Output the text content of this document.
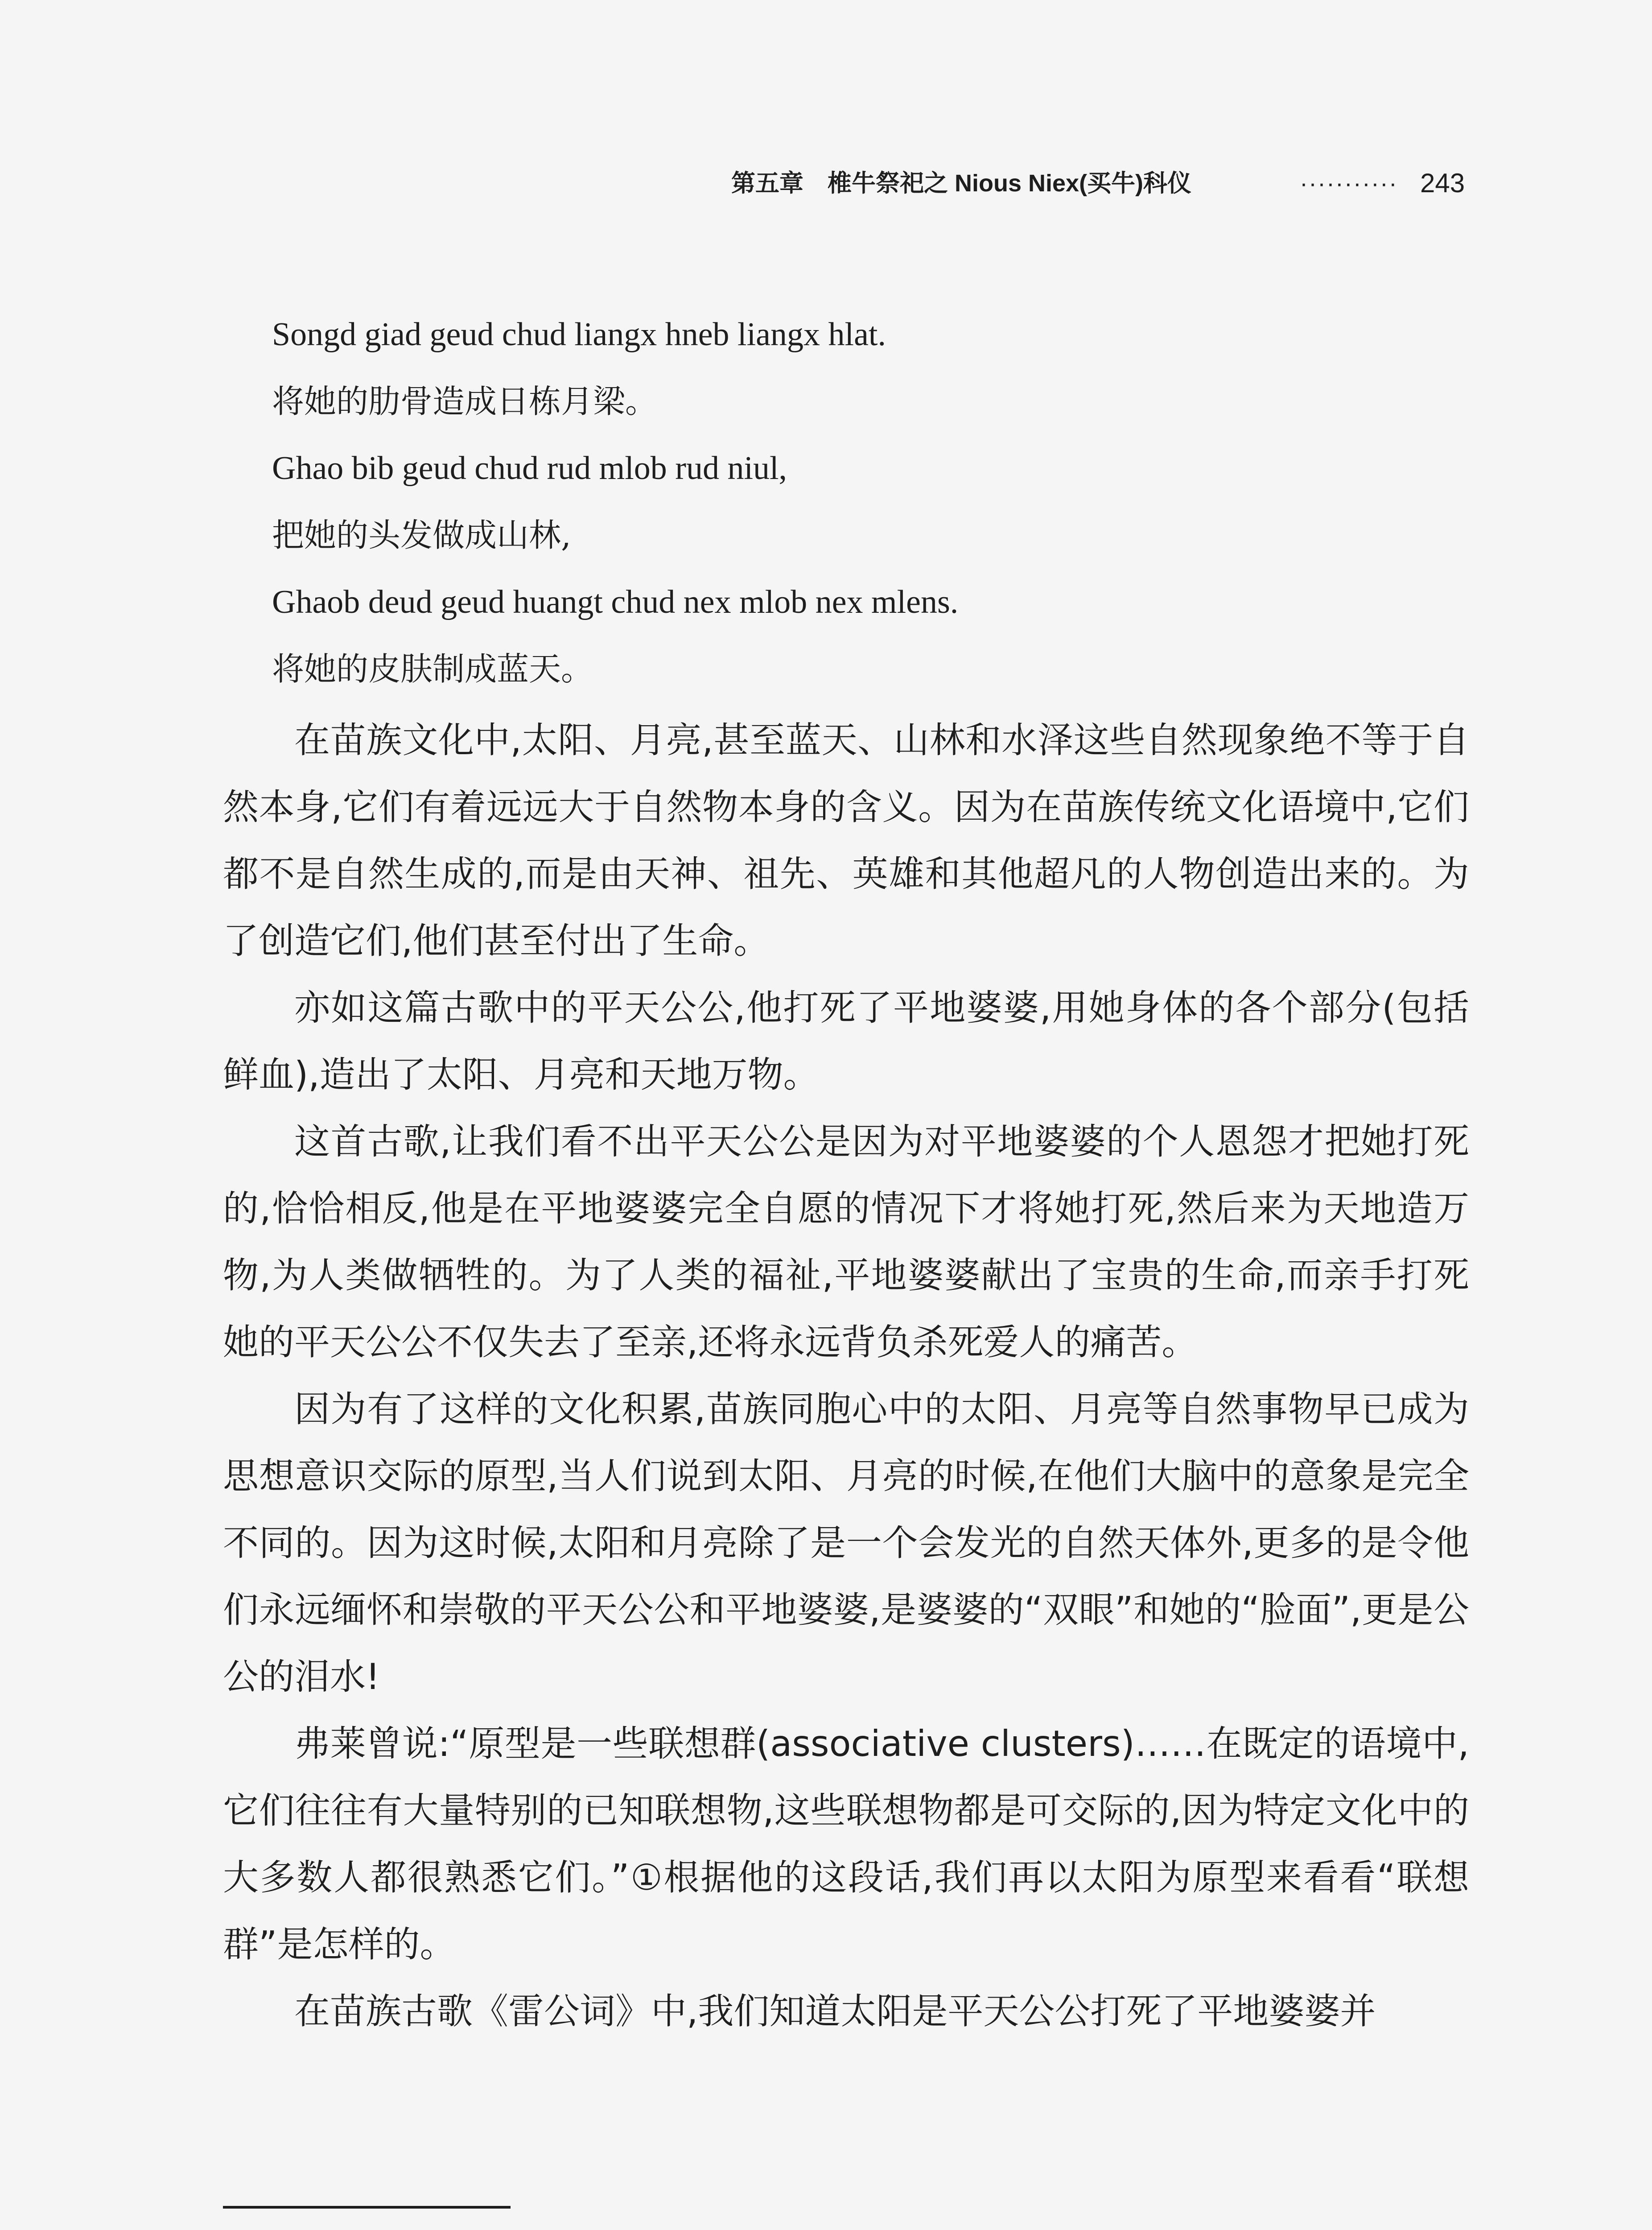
第五章　椎牛祭祀之 Nious Niex(买牛)科仪	··········· 243
Songd giad geud chud liangx hneb liangx hlat.
将她的肋骨造成日栋月梁。
Ghao bib geud chud rud mlob rud niul,
把她的头发做成山林,
Ghaob deud geud huangt chud nex mlob nex mlens.
将她的皮肤制成蓝天。

在苗族文化中,太阳、月亮,甚至蓝天、山林和水泽这些自然现象绝不等于自然本身,它们有着远远大于自然物本身的含义。因为在苗族传统文化语境中,它们都不是自然生成的,而是由天神、祖先、英雄和其他超凡的人物创造出来的。为了创造它们,他们甚至付出了生命。

亦如这篇古歌中的平天公公,他打死了平地婆婆,用她身体的各个部分(包括鲜血),造出了太阳、月亮和天地万物。

这首古歌,让我们看不出平天公公是因为对平地婆婆的个人恩怨才把她打死的,恰恰相反,他是在平地婆婆完全自愿的情况下才将她打死,然后来为天地造万物,为人类做牺牲的。为了人类的福祉,平地婆婆献出了宝贵的生命,而亲手打死她的平天公公不仅失去了至亲,还将永远背负杀死爱人的痛苦。

因为有了这样的文化积累,苗族同胞心中的太阳、月亮等自然事物早已成为思想意识交际的原型,当人们说到太阳、月亮的时候,在他们大脑中的意象是完全不同的。因为这时候,太阳和月亮除了是一个会发光的自然天体外,更多的是令他们永远缅怀和崇敬的平天公公和平地婆婆,是婆婆的“双眼”和她的“脸面”,更是公公的泪水!

弗莱曾说:“原型是一些联想群(associative clusters)……在既定的语境中,它们往往有大量特别的已知联想物,这些联想物都是可交际的,因为特定文化中的大多数人都很熟悉它们。”①根据他的这段话,我们再以太阳为原型来看看“联想群”是怎样的。

在苗族古歌《雷公词》中,我们知道太阳是平天公公打死了平地婆婆并
